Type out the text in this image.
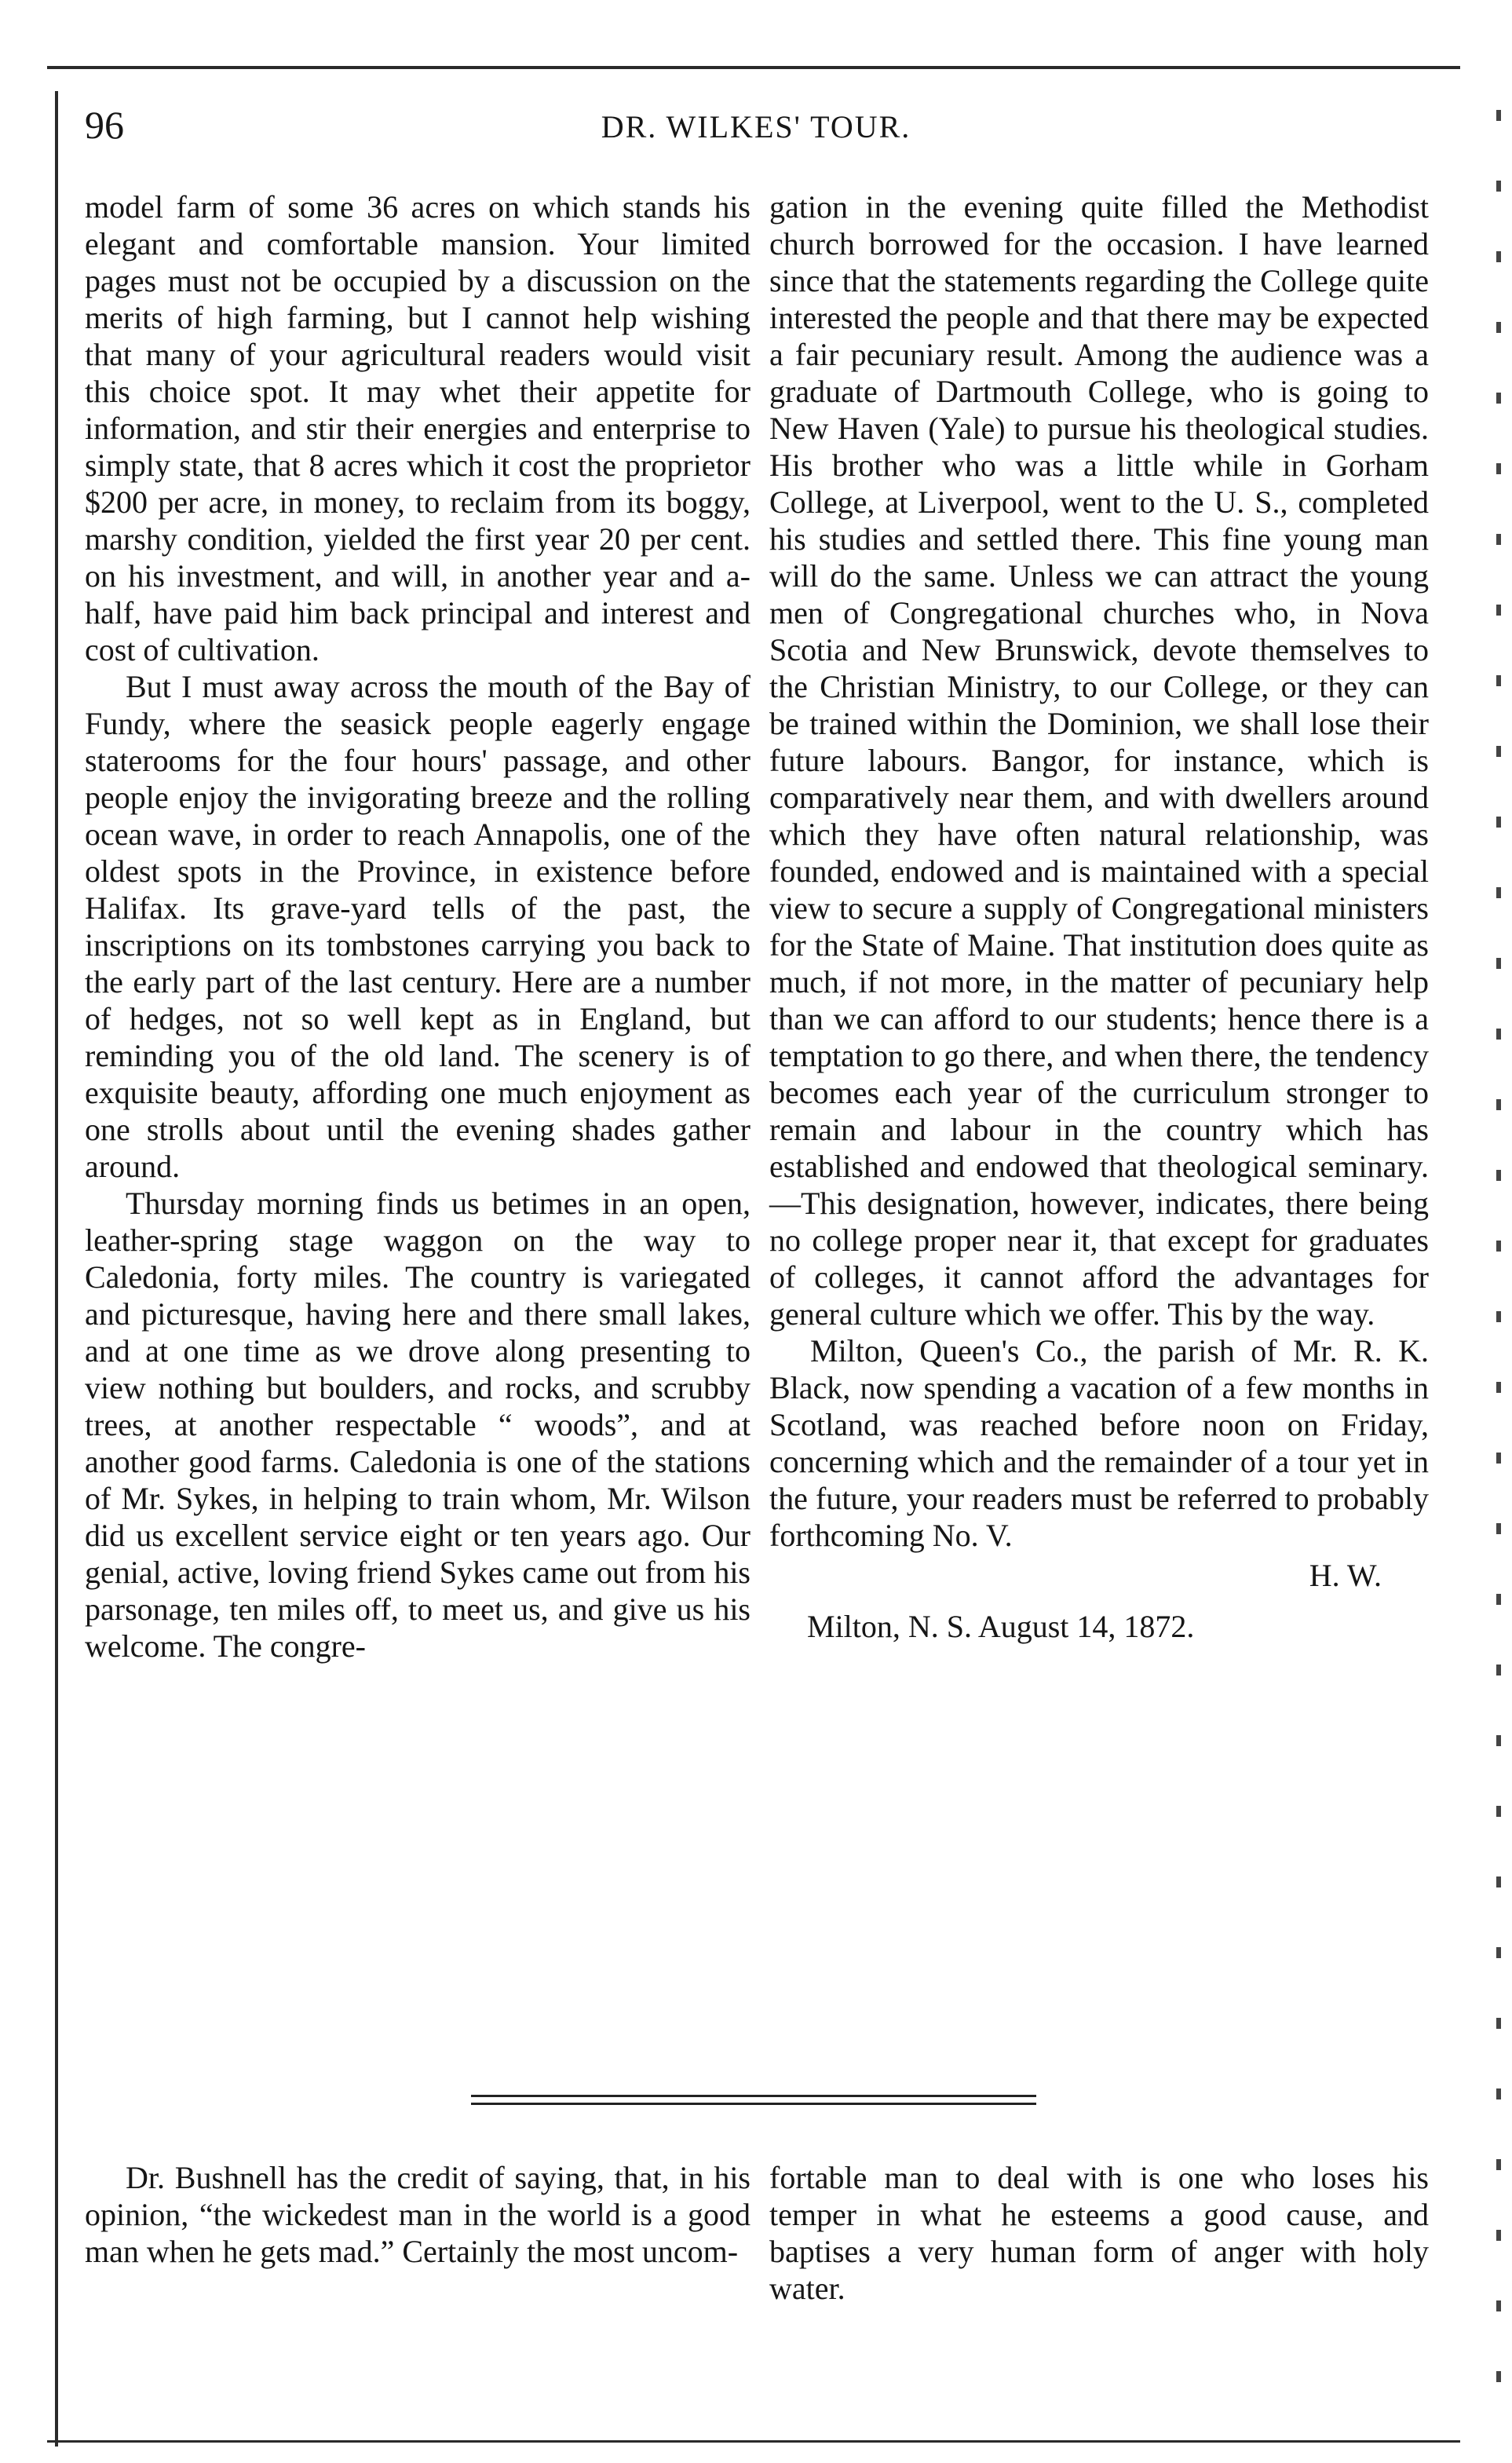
96	DR. WILKES' TOUR.

model farm of some 36 acres on which stands his elegant and comfortable mansion. Your limited pages must not be occupied by a discussion on the merits of high farming, but I cannot help wishing that many of your agricultural readers would visit this choice spot. It may whet their appetite for information, and stir their energies and enterprise to simply state, that 8 acres which it cost the proprietor $200 per acre, in money, to reclaim from its boggy, marshy condition, yielded the first year 20 per cent. on his investment, and will, in another year and a-half, have paid him back principal and interest and cost of cultivation.

But I must away across the mouth of the Bay of Fundy, where the seasick people eagerly engage staterooms for the four hours' passage, and other people enjoy the invigorating breeze and the rolling ocean wave, in order to reach Annapolis, one of the oldest spots in the Province, in existence before Halifax. Its grave-yard tells of the past, the inscriptions on its tombstones carrying you back to the early part of the last century. Here are a number of hedges, not so well kept as in England, but reminding you of the old land. The scenery is of exquisite beauty, affording one much enjoyment as one strolls about until the evening shades gather around.

Thursday morning finds us betimes in an open, leather-spring stage waggon on the way to Caledonia, forty miles. The country is variegated and picturesque, having here and there small lakes, and at one time as we drove along presenting to view nothing but boulders, and rocks, and scrubby trees, at another respectable “ woods”, and at another good farms. Caledonia is one of the stations of Mr. Sykes, in helping to train whom, Mr. Wilson did us excellent service eight or ten years ago. Our genial, active, loving friend Sykes came out from his parsonage, ten miles off, to meet us, and give us his welcome. The congre-

gation in the evening quite filled the Methodist church borrowed for the occasion. I have learned since that the statements regarding the College quite interested the people and that there may be expected a fair pecuniary result. Among the audience was a graduate of Dartmouth College, who is going to New Haven (Yale) to pursue his theological studies. His brother who was a little while in Gorham College, at Liverpool, went to the U. S., completed his studies and settled there. This fine young man will do the same. Unless we can attract the young men of Congregational churches who, in Nova Scotia and New Brunswick, devote themselves to the Christian Ministry, to our College, or they can be trained within the Dominion, we shall lose their future labours. Bangor, for instance, which is comparatively near them, and with dwellers around which they have often natural relationship, was founded, endowed and is maintained with a special view to secure a supply of Congregational ministers for the State of Maine. That institution does quite as much, if not more, in the matter of pecuniary help than we can afford to our students; hence there is a temptation to go there, and when there, the tendency becomes each year of the curriculum stronger to remain and labour in the country which has established and endowed that theological seminary.—This designation, however, indicates, there being no college proper near it, that except for graduates of colleges, it cannot afford the advantages for general culture which we offer. This by the way.

Milton, Queen's Co., the parish of Mr. R. K. Black, now spending a vacation of a few months in Scotland, was reached before noon on Friday, concerning which and the remainder of a tour yet in the future, your readers must be referred to probably forthcoming No. V.

H. W.

Milton, N. S. August 14, 1872.

Dr. Bushnell has the credit of saying, that, in his opinion, “the wickedest man in the world is a good man when he gets mad.” Certainly the most uncom-

fortable man to deal with is one who loses his temper in what he esteems a good cause, and baptises a very human form of anger with holy water.
